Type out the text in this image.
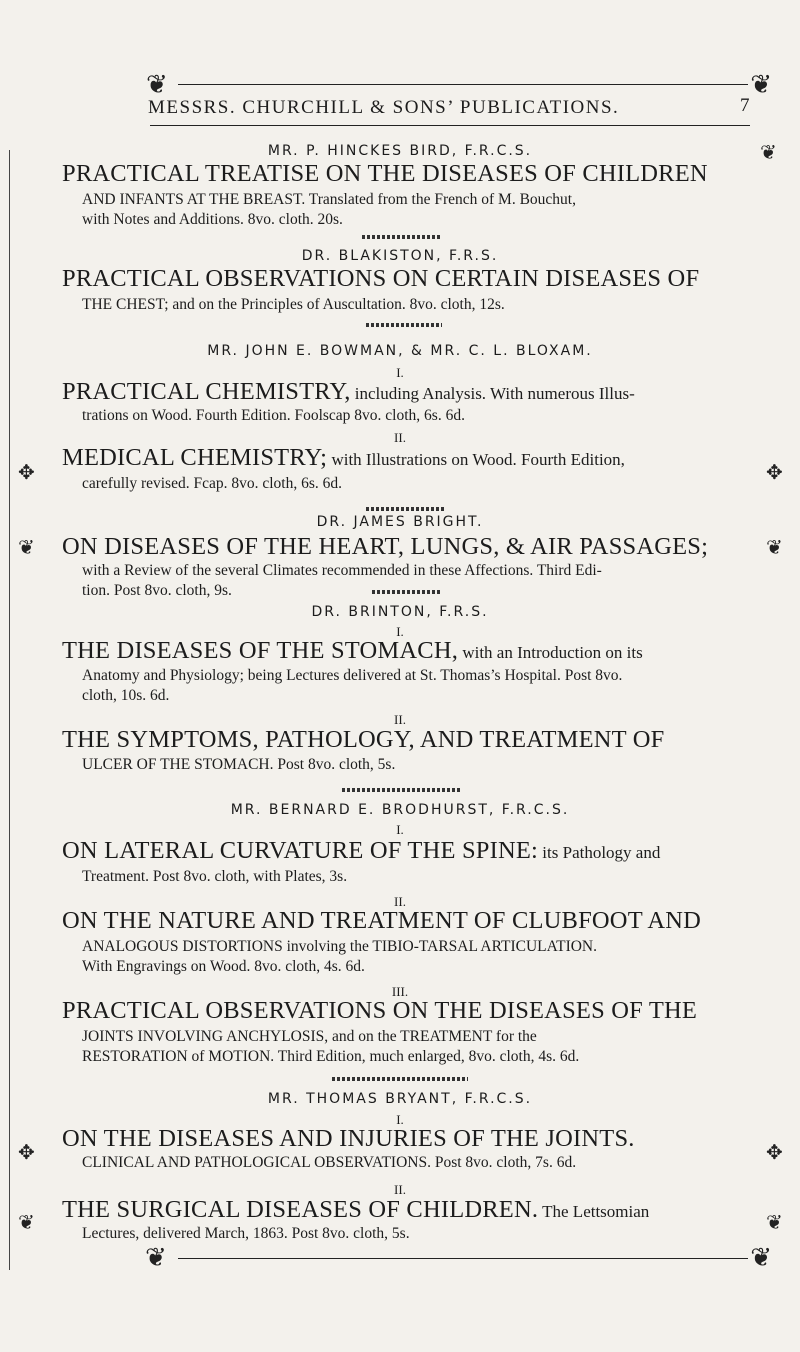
❦	❦
MESSRS. CHURCHILL & SONS’ PUBLICATIONS.	7
❦
✥	✥
❦	❦
✥	✥
❦	❦
MR. P. HINCKES BIRD, F.R.C.S.
PRACTICAL TREATISE ON THE DISEASES OF CHILDREN
AND INFANTS AT THE BREAST. Translated from the French of M. Bouchut,
with Notes and Additions. 8vo. cloth. 20s.
DR. BLAKISTON, F.R.S.
PRACTICAL OBSERVATIONS ON CERTAIN DISEASES OF
THE CHEST; and on the Principles of Auscultation. 8vo. cloth, 12s.
MR. JOHN E. BOWMAN, & MR. C. L. BLOXAM.
I.
PRACTICAL CHEMISTRY, including Analysis. With numerous Illus-
trations on Wood. Fourth Edition. Foolscap 8vo. cloth, 6s. 6d.
II.
MEDICAL CHEMISTRY; with Illustrations on Wood. Fourth Edition,
carefully revised. Fcap. 8vo. cloth, 6s. 6d.
DR. JAMES BRIGHT.
ON DISEASES OF THE HEART, LUNGS, & AIR PASSAGES;
with a Review of the several Climates recommended in these Affections. Third Edi-
tion. Post 8vo. cloth, 9s.
DR. BRINTON, F.R.S.
I.
THE DISEASES OF THE STOMACH, with an Introduction on its
Anatomy and Physiology; being Lectures delivered at St. Thomas’s Hospital. Post 8vo.
cloth, 10s. 6d.
II.
THE SYMPTOMS, PATHOLOGY, AND TREATMENT OF
ULCER OF THE STOMACH. Post 8vo. cloth, 5s.
MR. BERNARD E. BRODHURST, F.R.C.S.
I.
ON LATERAL CURVATURE OF THE SPINE: its Pathology and
Treatment. Post 8vo. cloth, with Plates, 3s.
II.
ON THE NATURE AND TREATMENT OF CLUBFOOT AND
ANALOGOUS DISTORTIONS involving the TIBIO-TARSAL ARTICULATION.
With Engravings on Wood. 8vo. cloth, 4s. 6d.
III.
PRACTICAL OBSERVATIONS ON THE DISEASES OF THE
JOINTS INVOLVING ANCHYLOSIS, and on the TREATMENT for the
RESTORATION of MOTION. Third Edition, much enlarged, 8vo. cloth, 4s. 6d.
MR. THOMAS BRYANT, F.R.C.S.
I.
ON THE DISEASES AND INJURIES OF THE JOINTS.
CLINICAL AND PATHOLOGICAL OBSERVATIONS. Post 8vo. cloth, 7s. 6d.
II.
THE SURGICAL DISEASES OF CHILDREN. The Lettsomian
Lectures, delivered March, 1863. Post 8vo. cloth, 5s.
❦	❦
